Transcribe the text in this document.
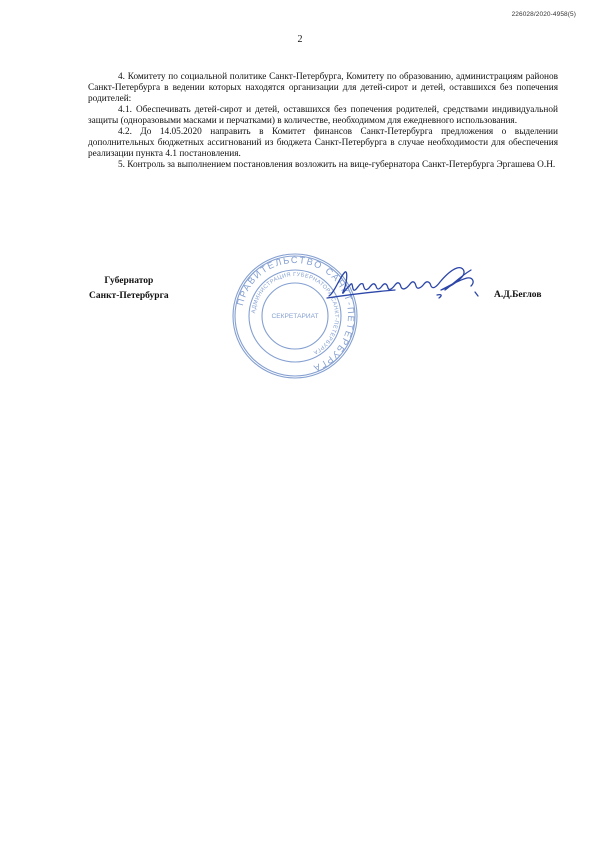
226028/2020-4958(5)
2

4. Комитету по социальной политике Санкт-Петербурга, Комитету по образованию, администрациям районов Санкт-Петербурга в ведении которых находятся организации для детей-сирот и детей, оставшихся без попечения родителей:

4.1. Обеспечивать детей-сирот и детей, оставшихся без попечения родителей, средствами индивидуальной защиты (одноразовыми масками и перчатками) в количестве, необходимом для ежедневного использования.

4.2. До 14.05.2020 направить в Комитет финансов Санкт-Петербурга предложения о выделении дополнительных бюджетных ассигнований из бюджета Санкт-Петербурга в случае необходимости для обеспечения реализации пункта 4.1 постановления.

5. Контроль за выполнением постановления возложить на вице-губернатора Санкт-Петербурга Эргашева О.Н.

Губернатор
Санкт-Петербурга
ПРАВИТЕЛЬСТВО САНКТ-ПЕТЕРБУРГА
АДМИНИСТРАЦИЯ ГУБЕРНАТОРА САНКТ-ПЕТЕРБУРГА
СЕКРЕТАРИАТ
А.Д.Беглов
